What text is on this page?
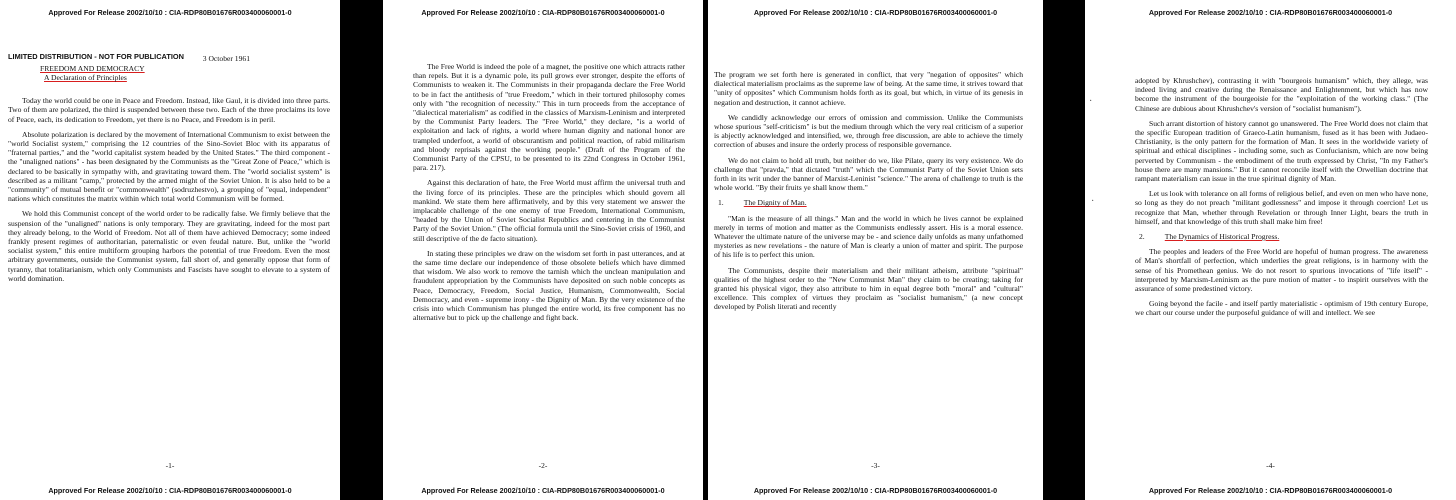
Approved For Release 2002/10/10 : CIA-RDP80B01676R003400060001-0
LIMITED DISTRIBUTION - NOT FOR PUBLICATION	3 October 1961
FREEDOM AND DEMOCRACY
A Declaration of Principles

Today the world could be one in Peace and Freedom. Instead, like Gaul, it is divided into three parts. Two of them are polarized, the third is suspended between these two. Each of the three proclaims its love of Peace, each, its dedication to Freedom, yet there is no Peace, and Freedom is in peril.

Absolute polarization is declared by the movement of International Communism to exist between the "world Socialist system," comprising the 12 countries of the Sino-Soviet Bloc with its apparatus of "fraternal parties," and the "world capitalist system headed by the United States." The third component - the "unaligned nations" - has been designated by the Communists as the "Great Zone of Peace," which is declared to be basically in sympathy with, and gravitating toward them. The "world socialist system" is described as a militant "camp," protected by the armed might of the Soviet Union. It is also held to be a "community" of mutual benefit or "commonwealth" (sodruzhestvo), a grouping of "equal, independent" nations which constitutes the matrix within which total world Communism will be formed.

We hold this Communist concept of the world order to be radically false. We firmly believe that the suspension of the "unaligned" nations is only temporary. They are gravitating, indeed for the most part they already belong, to the World of Freedom. Not all of them have achieved Democracy; some indeed frankly present regimes of authoritarian, paternalistic or even feudal nature. But, unlike the "world socialist system," this entire multiform grouping harbors the potential of true Freedom. Even the most arbitrary governments, outside the Communist system, fall short of, and generally oppose that form of tyranny, that totalitarianism, which only Communists and Fascists have sought to elevate to a system of world domination.

-1-
Approved For Release 2002/10/10 : CIA-RDP80B01676R003400060001-0
Approved For Release 2002/10/10 : CIA-RDP80B01676R003400060001-0

The Free World is indeed the pole of a magnet, the positive one which attracts rather than repels. But it is a dynamic pole, its pull grows ever stronger, despite the efforts of Communists to weaken it. The Communists in their propaganda declare the Free World to be in fact the antithesis of "true Freedom," which in their tortured philosophy comes only with "the recognition of necessity." This in turn proceeds from the acceptance of "dialectical materialism" as codified in the classics of Marxism-Leninism and interpreted by the Communist Party leaders. The "Free World," they declare, "is a world of exploitation and lack of rights, a world where human dignity and national honor are trampled underfoot, a world of obscurantism and political reaction, of rabid militarism and bloody reprisals against the working people." (Draft of the Program of the Communist Party of the CPSU, to be presented to its 22nd Congress in October 1961, para. 217).

Against this declaration of hate, the Free World must affirm the universal truth and the living force of its principles. These are the principles which should govern all mankind. We state them here affirmatively, and by this very statement we answer the implacable challenge of the one enemy of true Freedom, International Communism, "headed by the Union of Soviet Socialist Republics and centering in the Communist Party of the Soviet Union." (The official formula until the Sino-Soviet crisis of 1960, and still descriptive of the de facto situation).

In stating these principles we draw on the wisdom set forth in past utterances, and at the same time declare our independence of those obsolete beliefs which have dimmed that wisdom. We also work to remove the tarnish which the unclean manipulation and fraudulent appropriation by the Communists have deposited on such noble concepts as Peace, Democracy, Freedom, Social Justice, Humanism, Commonwealth, Social Democracy, and even - supreme irony - the Dignity of Man. By the very existence of the crisis into which Communism has plunged the entire world, its free component has no alternative but to pick up the challenge and fight back.

-2-
Approved For Release 2002/10/10 : CIA-RDP80B01676R003400060001-0
Approved For Release 2002/10/10 : CIA-RDP80B01676R003400060001-0

The program we set forth here is generated in conflict, that very "negation of opposites" which dialectical materialism proclaims as the supreme law of being. At the same time, it strives toward that "unity of opposites" which Communism holds forth as its goal, but which, in virtue of its genesis in negation and destruction, it cannot achieve.

We candidly acknowledge our errors of omission and commission. Unlike the Communists whose spurious "self-criticism" is but the medium through which the very real criticism of a superior is abjectly acknowledged and intensified, we, through free discussion, are able to achieve the timely correction of abuses and insure the orderly process of responsible governance.

We do not claim to hold all truth, but neither do we, like Pilate, query its very existence. We do challenge that "pravda," that dictated "truth" which the Communist Party of the Soviet Union sets forth in its writ under the banner of Marxist-Leninist "science." The arena of challenge to truth is the whole world. "By their fruits ye shall know them."

1.	The Dignity of Man.

"Man is the measure of all things." Man and the world in which he lives cannot be explained merely in terms of motion and matter as the Communists endlessly assert. His is a moral essence. Whatever the ultimate nature of the universe may be - and science daily unfolds as many unfathomed mysteries as new revelations - the nature of Man is clearly a union of matter and spirit. The purpose of his life is to perfect this union.

The Communists, despite their materialism and their militant atheism, attribute "spiritual" qualities of the highest order to the "New Communist Man" they claim to be creating; taking for granted his physical vigor, they also attribute to him in equal degree both "moral" and "cultural" excellence. This complex of virtues they proclaim as "socialist humanism," (a new concept developed by Polish literati and recently

-3-
Approved For Release 2002/10/10 : CIA-RDP80B01676R003400060001-0
Approved For Release 2002/10/10 : CIA-RDP80B01676R003400060001-0
·
·

adopted by Khrushchev), contrasting it with "bourgeois humanism" which, they allege, was indeed living and creative during the Renaissance and Enlightenment, but which has now become the instrument of the bourgeoisie for the "exploitation of the working class." (The Chinese are dubious about Khrushchev's version of "socialist humanism").

Such arrant distortion of history cannot go unanswered. The Free World does not claim that the specific European tradition of Graeco-Latin humanism, fused as it has been with Judaeo-Christianity, is the only pattern for the formation of Man. It sees in the worldwide variety of spiritual and ethical disciplines - including some, such as Confucianism, which are now being perverted by Communism - the embodiment of the truth expressed by Christ, "In my Father's house there are many mansions." But it cannot reconcile itself with the Orwellian doctrine that rampant materialism can issue in the true spiritual dignity of Man.

Let us look with tolerance on all forms of religious belief, and even on men who have none, so long as they do not preach "militant godlessness" and impose it through coercion! Let us recognize that Man, whether through Revelation or through Inner Light, bears the truth in himself, and that knowledge of this truth shall make him free!

2.	The Dynamics of Historical Progress.

The peoples and leaders of the Free World are hopeful of human progress. The awareness of Man's shortfall of perfection, which underlies the great religions, is in harmony with the sense of his Promethean genius. We do not resort to spurious invocations of "life itself" - interpreted by Marxism-Leninism as the pure motion of matter - to inspirit ourselves with the assurance of some predestined victory.

Going beyond the facile - and itself partly materialistic - optimism of 19th century Europe, we chart our course under the purposeful guidance of will and intellect. We see

-4-
Approved For Release 2002/10/10 : CIA-RDP80B01676R003400060001-0
